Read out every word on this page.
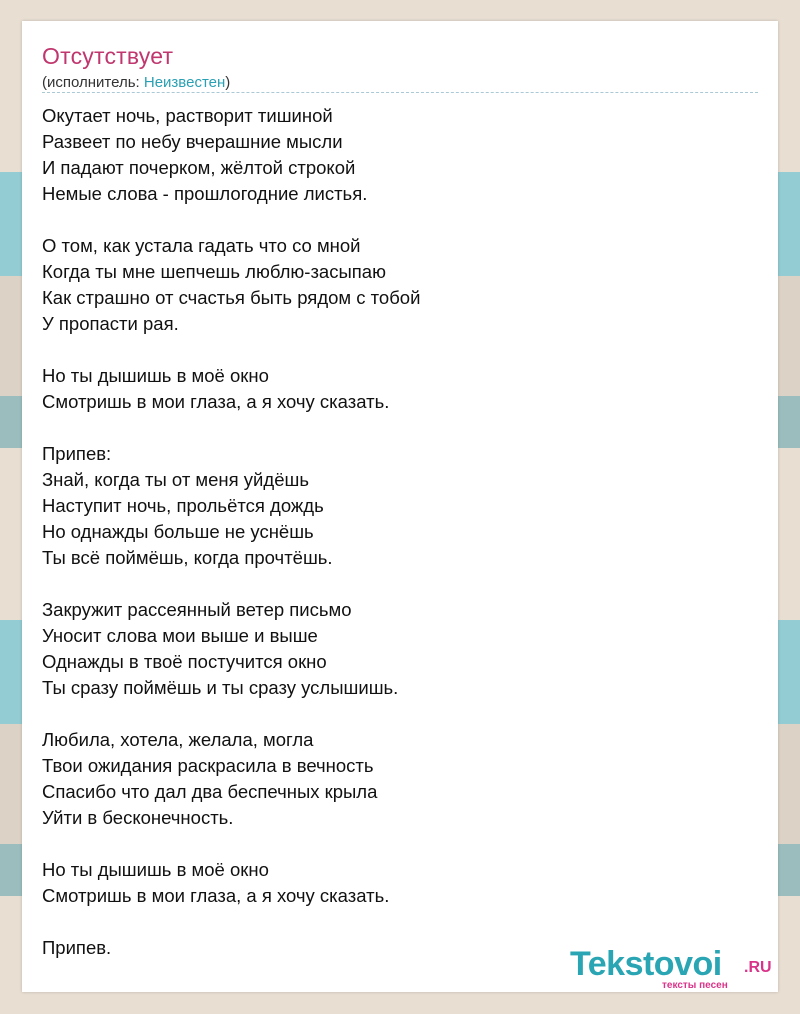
Отсутствует
(исполнитель: Неизвестен)
Окутает ночь, растворит тишиной
Развеет по небу вчерашние мысли
И падают почерком, жёлтой строкой
Немые слова - прошлогодние листья.
О том, как устала гадать что со мной
Когда ты мне шепчешь люблю-засыпаю
Как страшно от счастья быть рядом с тобой
У пропасти рая.
Но ты дышишь в моё окно
Смотришь в мои глаза, а я хочу сказать.
Припев:
Знай, когда ты от меня уйдёшь
Наступит ночь, прольётся дождь
Но однажды больше не уснёшь
Ты всё поймёшь, когда прочтёшь.
Закружит рассеянный ветер письмо
Уносит слова мои выше и выше
Однажды в твоё постучится окно
Ты сразу поймёшь и ты сразу услышишь.
Любила, хотела, желала, могла
Твои ожидания раскрасила в вечность
Спасибо что дал два беспечных крыла
Уйти в бесконечность.
Но ты дышишь в моё окно
Смотришь в мои глаза, а я хочу сказать.
Припев.	Tekstovoi .RU
тексты песен
